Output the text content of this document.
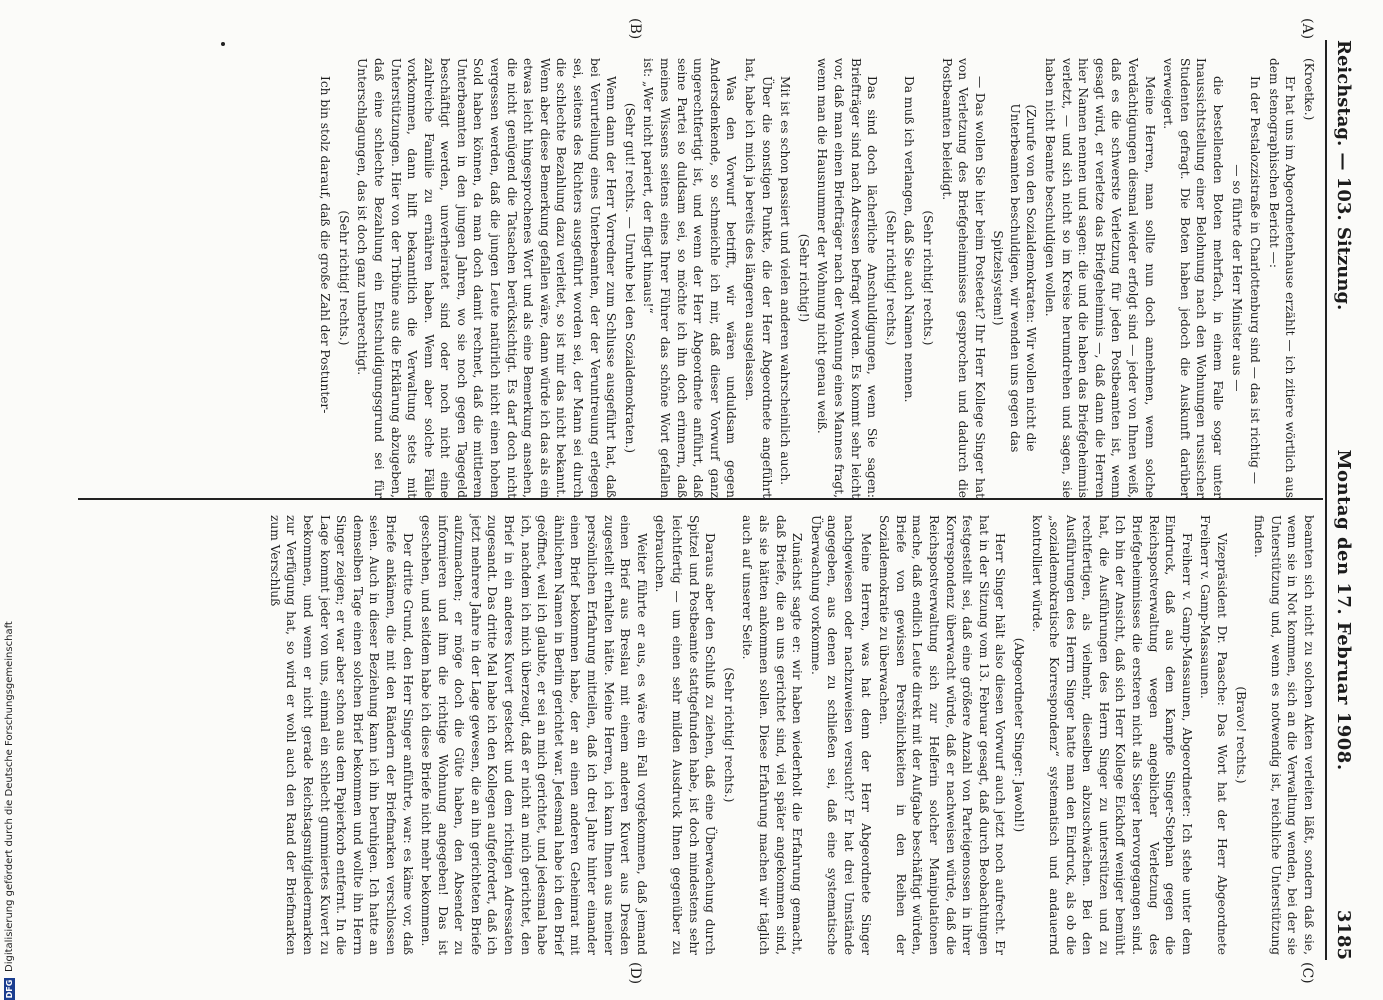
Reichstag. — 103. Sitzung.
Montag den 17. Februar 1908.
3185
(A)
(B)
(C)
(D)

(Kroetke.)

Er hat uns im Abgeordnetenhause erzählt — ich zitiere wörtlich aus dem stenographischen Bericht —:

In der Pestalozzistraße in Charlottenburg sind — das ist richtig —

— so führte der Herr Minister aus —

die bestellenden Boten mehrfach, in einem Falle sogar unter Inaussichtstellung einer Belohnung nach den Wohnungen russischer Studenten gefragt. Die Boten haben jedoch die Auskunft darüber verweigert.

Meine Herren, man sollte nun doch annehmen, wenn solche Verdächtigungen diesmal wieder erfolgt sind — jeder von Ihnen weiß, daß es die schwerste Verletzung für jeden Postbeamten ist, wenn gesagt wird, er verletze das Briefgeheimnis —, daß dann die Herren hier Namen nennen und sagen: die und die haben das Briefgeheimnis verletzt, — und sich nicht so im Kreise herumdrehen und sagen, sie haben nicht Beamte beschuldigen wollen.

(Zurufe von den Sozialdemokraten: Wir wollen nicht die Unterbeamten beschuldigen, wir wenden uns gegen das Spitzelsystem!)

— Das wollen Sie hier beim Posteetat? Ihr Herr Kollege Singer hat von Verletzung des Briefgeheimnisses gesprochen und dadurch die Postbeamten beleidigt.

(Sehr richtig! rechts.)

Da muß ich verlangen, daß Sie auch Namen nennen.

(Sehr richtig! rechts.)

Das sind doch lächerliche Anschuldigungen, wenn Sie sagen: Briefträger sind nach Adressen befragt worden. Es kommt sehr leicht vor, daß man einen Briefträger nach der Wohnung eines Mannes fragt, wenn man die Hausnummer der Wohnung nicht genau weiß.

(Sehr richtig!)

Mit ist es schon passiert und vielen anderen wahrscheinlich auch.

Über die sonstigen Punkte, die der Herr Abgeordnete angeführt hat, habe ich mich ja bereits des längeren ausgelassen.

Was den Vorwurf betrifft, wir wären unduldsam gegen Andersdenkende, so schmeichle ich mir, daß dieser Vorwurf ganz ungerechtfertigt ist, und wenn der Herr Abgeordnete anführt, daß seine Partei so duldsam sei, so möchte ich ihn doch erinnern, daß meines Wissens seitens eines Ihrer Führer das schöne Wort gefallen ist: „Wer nicht pariert, der fliegt hinaus!“

(Sehr gut! rechts. — Unruhe bei den Sozialdemokraten.)

Wenn dann der Herr Vorredner zum Schlusse ausgeführt hat, daß bei Verurteilung eines Unterbeamten, der der Veruntreuung erlegen sei, seitens des Richters ausgeführt worden sei, der Mann sei durch die schlechte Bezahlung dazu verleitet, so ist mir das nicht bekannt. Wenn aber diese Bemerkung gefallen wäre, dann würde ich das als ein etwas leicht hingesprochenes Wort und als eine Bemerkung ansehen, die nicht genügend die Tatsachen berücksichtigt. Es darf doch nicht vergessen werden, daß die jungen Leute natürlich nicht einen hohen Sold haben können, da man doch damit rechnet, daß die mittleren Unterbeamten in den jungen Jahren, wo sie noch gegen Tagegeld beschäftigt werden, unverheiratet sind oder noch nicht eine zahlreiche Familie zu ernähren haben. Wenn aber solche Fälle vorkommen, dann hilft bekanntlich die Verwaltung stets mit Unterstützungen. Hier von der Tribüne aus die Erklärung abzugeben, daß eine schlechte Bezahlung ein Entschuldigungsgrund sei für Unterschlagungen, das ist doch ganz unberechtigt.

(Sehr richtig! rechts.)

Ich bin stolz darauf, daß die große Zahl der Postunter-

beamten sich nicht zu solchen Akten verleiten läßt, sondern daß sie, wenn sie in Not kommen, sich an die Verwaltung wenden, bei der sie Unterstützung und, wenn es notwendig ist, reichliche Unterstützung finden.

(Bravo! rechts.)

Vizepräsident Dr. Paasche: Das Wort hat der Herr Abgeordnete Freiherr v. Gamp-Massaunen.

Freiherr v. Gamp-Massaunen, Abgeordneter: Ich stehe unter dem Eindruck, daß aus dem Kampfe Singer-Stephan gegen die Reichspostverwaltung wegen angeblicher Verletzung des Briefgeheimnisses die ersteren nicht als Sieger hervorgegangen sind. Ich bin der Ansicht, daß sich Herr Kollege Eickhoff weniger bemüht hat, die Ausführungen des Herrn Singer zu unterstützen und zu rechtfertigen, als vielmehr, dieselben abzuschwächen. Bei den Ausführungen des Herrn Singer hatte man den Eindruck, als ob die „sozialdemokratische Korrespondenz“ systematisch und andauernd kontrolliert würde.

(Abgeordneter Singer: Jawohl!)

Herr Singer hält also diesen Vorwurf auch jetzt noch aufrecht. Er hat in der Sitzung vom 13. Februar gesagt, daß durch Beobachtungen festgestellt sei, daß eine größere Anzahl von Parteigenossen in ihrer Korrespondenz überwacht würde, daß er nachweisen würde, daß die Reichspostverwaltung sich zur Helferin solcher Manipulationen mache, daß endlich Leute direkt mit der Aufgabe beschäftigt würden, Briefe von gewissen Persönlichkeiten in den Reihen der Sozialdemokratie zu überwachen.

Meine Herren, was hat denn der Herr Abgeordnete Singer nachgewiesen oder nachzuweisen versucht? Er hat drei Umstände angegeben, aus denen zu schließen sei, daß eine systematische Überwachung vorkomme.

Zunächst sagte er: wir haben wiederholt die Erfahrung gemacht, daß Briefe, die an uns gerichtet sind, viel später angekommen sind, als sie hätten ankommen sollen. Diese Erfahrung machen wir täglich auch auf unserer Seite.

(Sehr richtig! rechts.)

Daraus aber den Schluß zu ziehen, daß eine Überwachung durch Spitzel und Postbeamte stattgefunden habe, ist doch mindestens sehr leichtfertig — um einen sehr milden Ausdruck Ihnen gegenüber zu gebrauchen.

Weiter führte er aus, es wäre ein Fall vorgekommen, daß jemand einen Brief aus Breslau mit einem anderen Kuvert aus Dresden zugestellt erhalten hätte. Meine Herren, ich kann Ihnen aus meiner persönlichen Erfahrung mitteilen, daß ich drei Jahre hinter einander einen Brief bekommen habe, der an einen anderen Geheimrat mit ähnlichem Namen in Berlin gerichtet war. Jedesmal habe ich den Brief geöffnet, weil ich glaubte, er sei an mich gerichtet, und jedesmal habe ich, nachdem ich mich überzeugt, daß er nicht an mich gerichtet, den Brief in ein anderes Kuvert gesteckt und dem richtigen Adressaten zugesandt. Das dritte Mal habe ich den Kollegen aufgefordert, daß ich jetzt mehrere Jahre in der Lage gewesen, die an ihn gerichteten Briefe aufzumachen; er möge doch die Güte haben, den Absender zu informieren und ihm die richtige Wohnung angegeben! Das ist geschehen, und seitdem habe ich diese Briefe nicht mehr bekommen.

Der dritte Grund, den Herr Singer anführte, war: es käme vor, daß Briefe ankämen, die mit den Rändern der Briefmarken verschlossen seien. Auch in dieser Beziehung kann ich ihn beruhigen. Ich hatte an demselben Tage einen solchen Brief bekommen und wollte ihn Herrn Singer zeigen; er war aber schon aus dem Papierkorb entfernt. In die Lage kommt jeder von uns, einmal ein schlecht gummiertes Kuvert zu bekommen, und wenn er nicht gerade Reichstagsmitgliedermarken zur Verfügung hat, so wird er wohl auch den Rand der Briefmarken zum Verschluß

DFG
Digitalisierung gefördert durch die Deutsche Forschungsgemeinschaft
